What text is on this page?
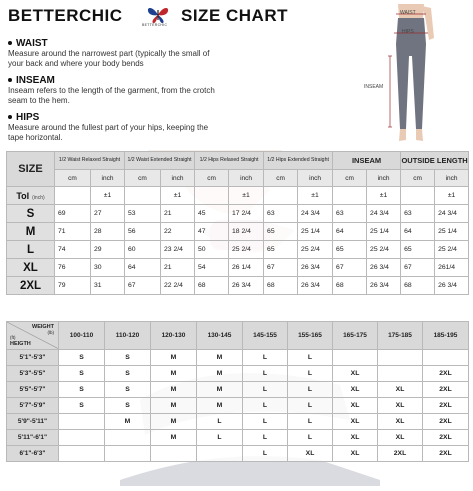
BETTERCHIC	BETTERCHIC SIZE CHART
WAIST
Measure around the narrowest part (typically the small of your back and where your body bends
INSEAM
Inseam refers to the length of the garment, from the crotch seam to the hem.
HIPS
Measure around the fullest part of your hips, keeping the tape horizontal.
WAIST
HIPS
INSEAM
SIZE	1/2 Waist Relaxed Straight		1/2 Waist Extended Straight		1/2 Hips Relaxed Straight		1/2 Hips Extended Straight		INSEAM		OUTSIDE LENGTH	
	cm	inch	cm	inch	cm	inch	cm	inch	cm	inch	cm	inch
Tol (inch)		±1		±1		±1		±1		±1		±1
S	69	27	53	21	45	17 2/4	63	24 3/4	63	24 3/4	63	24 3/4
M	71	28	56	22	47	18 2/4	65	25 1/4	64	25 1/4	64	25 1/4
L	74	29	60	23 2/4	50	25 2/4	65	25 2/4	65	25 2/4	65	25 2/4
XL	76	30	64	21	54	26 1/4	67	26 3/4	67	26 3/4	67	261/4
2XL	79	31	67	22 2/4	68	26 3/4	68	26 3/4	68	26 3/4	68	26 3/4
WEIGHT
(lb)
(ft)
HEIGTH	100-110	110-120	120-130	130-145	145-155	155-165	165-175	175-185	185-195
5'1"-5'3"	S	S	M	M	L	L			
5'3"-5'5"	S	S	M	M	L	L	XL		2XL
5'5"-5'7"	S	S	M	M	L	L	XL	XL	2XL
5'7"-5'9"	S	S	M	M	L	L	XL	XL	2XL
5'9"-5'11"		M	M	L	L	L	XL	XL	2XL
5'11"-6'1"			M	L	L	L	XL	XL	2XL
6'1"-6'3"					L	XL	XL	2XL	2XL
